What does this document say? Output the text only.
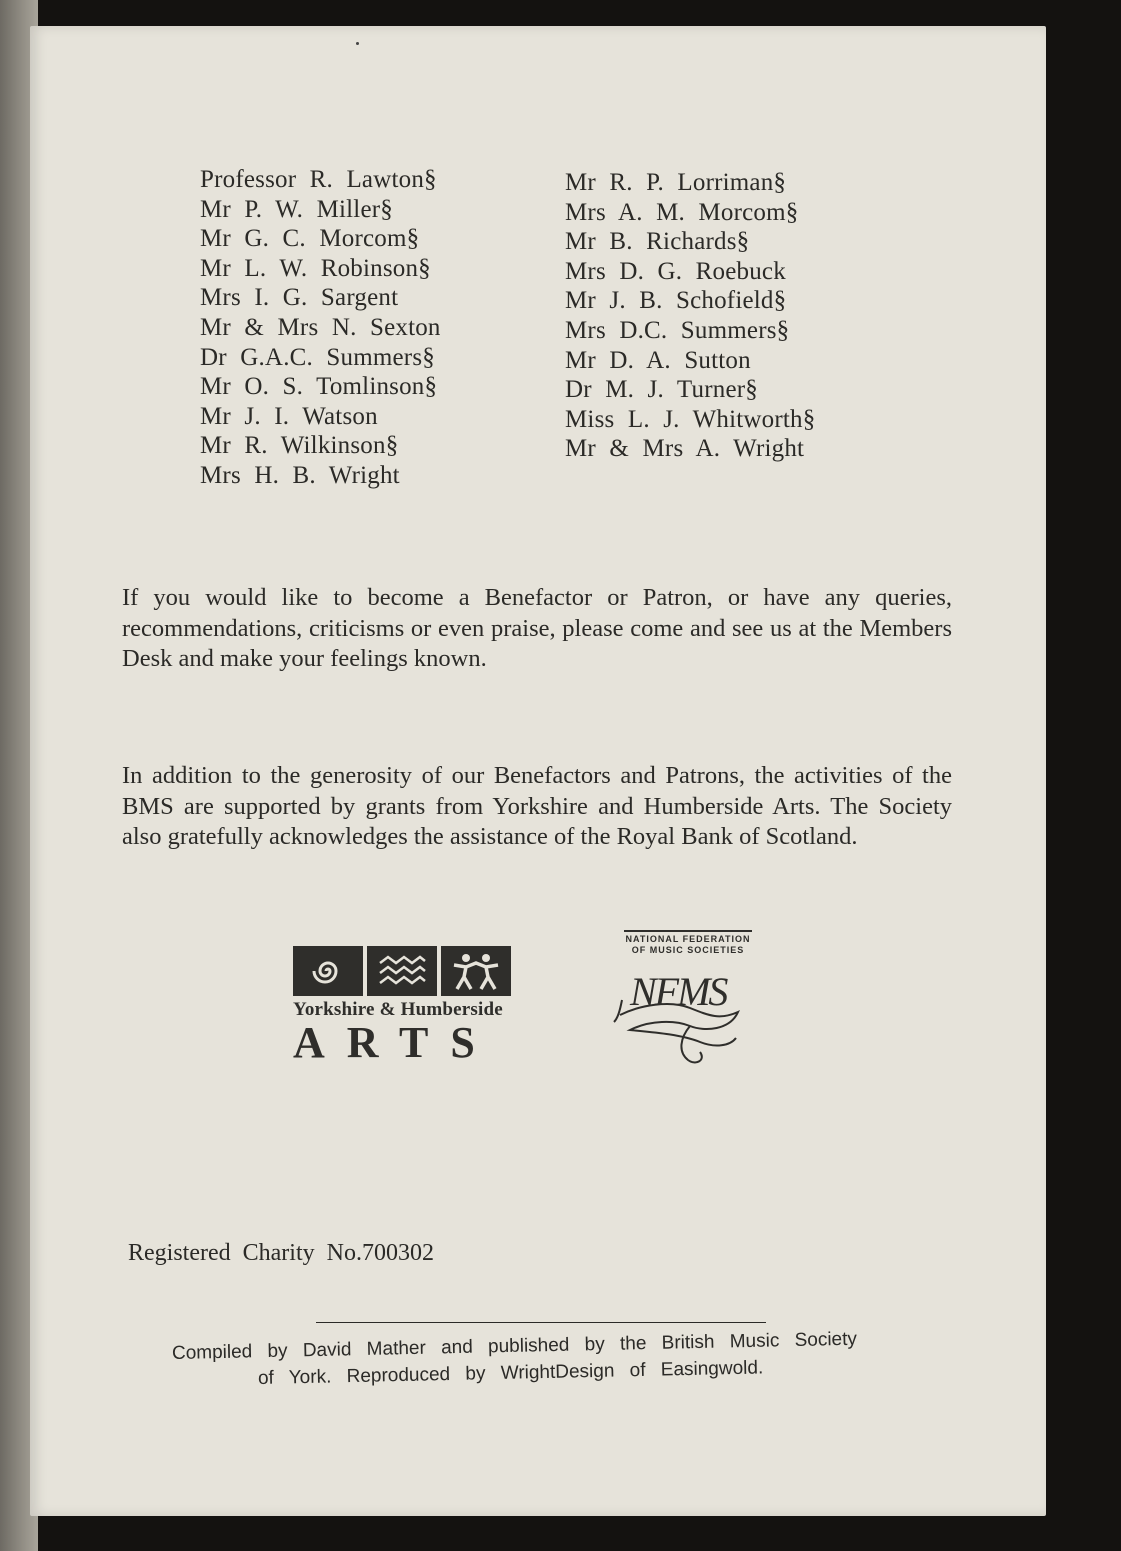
Professor R. Lawton§
Mr P. W. Miller§
Mr G. C. Morcom§
Mr L. W. Robinson§
Mrs I. G. Sargent
Mr & Mrs N. Sexton
Dr G.A.C. Summers§
Mr O. S. Tomlinson§
Mr J. I. Watson
Mr R. Wilkinson§
Mrs H. B. Wright
Mr R. P. Lorriman§
Mrs A. M. Morcom§
Mr B. Richards§
Mrs D. G. Roebuck
Mr J. B. Schofield§
Mrs D.C. Summers§
Mr D. A. Sutton
Dr M. J. Turner§
Miss L. J. Whitworth§
Mr & Mrs A. Wright
If you would like to become a Benefactor or Patron, or have any queries, recommendations, criticisms or even praise, please come and see us at the Members Desk and make your feelings known.
In addition to the generosity of our Benefactors and Patrons, the activities of the BMS are supported by grants from Yorkshire and Humberside Arts. The Society also gratefully acknowledges the assistance of the Royal Bank of Scotland.
Yorkshire & Humberside
ARTS
NATIONAL FEDERATION
OF MUSIC SOCIETIES
NFMS
Registered Charity No.700302
Compiled by David Mather and published by the British Music Society
of York. Reproduced by WrightDesign of Easingwold.
